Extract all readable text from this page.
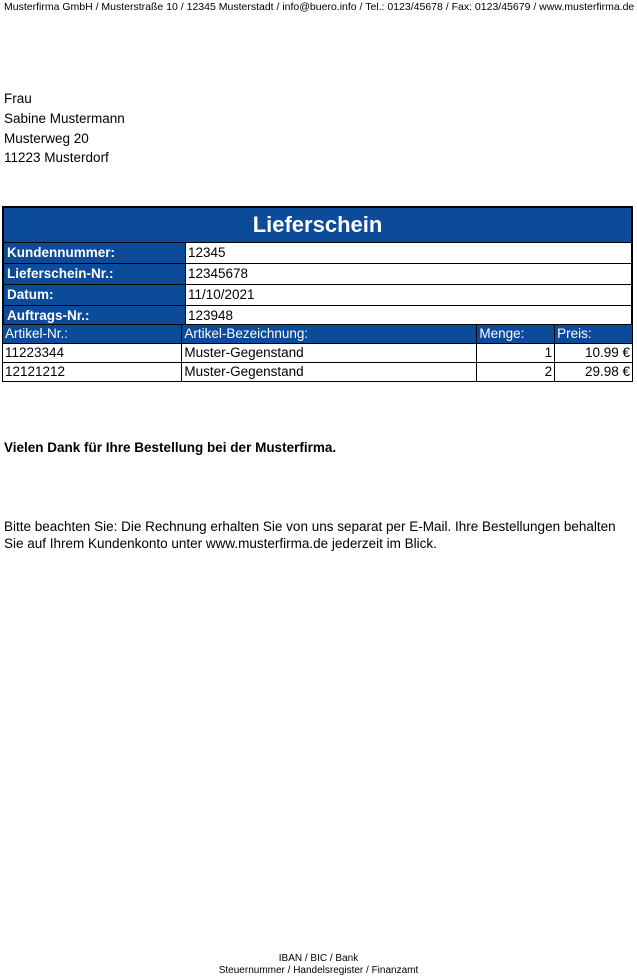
Musterfirma GmbH / Musterstraße 10 / 12345 Musterstadt / info@buero.info / Tel.: 0123/45678 / Fax: 0123/45679 / www.musterfirma.de
Frau
Sabine Mustermann
Musterweg 20
11223 Musterdorf
Lieferschein
Kundennummer:	12345
Lieferschein-Nr.:	12345678
Datum:	11/10/2021
Auftrags-Nr.:	123948
Artikel-Nr.:	Artikel-Bezeichnung:	Menge:	Preis:
11223344	Muster-Gegenstand	1	10.99 €
12121212	Muster-Gegenstand	2	29.98 €
Vielen Dank für Ihre Bestellung bei der Musterfirma.
Bitte beachten Sie: Die Rechnung erhalten Sie von uns separat per E-Mail. Ihre Bestellungen behalten Sie auf Ihrem Kundenkonto unter www.musterfirma.de jederzeit im Blick.
IBAN / BIC / Bank
Steuernummer / Handelsregister / Finanzamt
